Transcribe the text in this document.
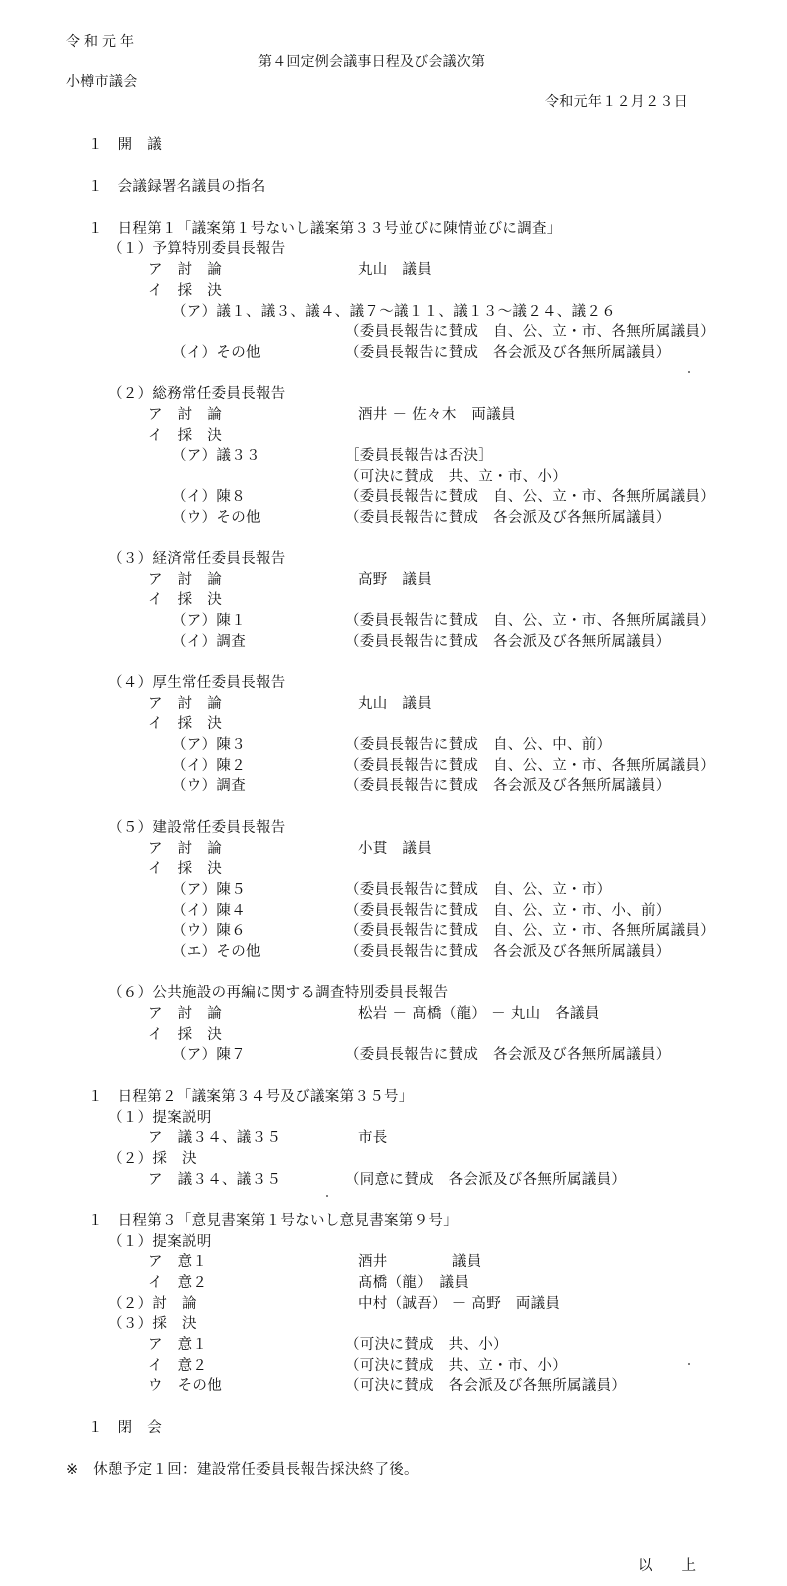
令和元年
第４回定例会議事日程及び会議次第
小樽市議会
令和元年１２月２３日
１　開　議
１　会議録署名議員の指名
１　日程第１「議案第１号ないし議案第３３号並びに陳情並びに調査」
（１）予算特別委員長報告
ア　討　論	丸山　議員
イ　採　決
（ア）議１、議３、議４、議７～議１１、議１３～議２４、議２６
（委員長報告に賛成　自、公、立・市、各無所属議員）
（イ）その他	（委員長報告に賛成　各会派及び各無所属議員）
（２）総務常任委員長報告
ア　討　論	酒井 － 佐々木　両議員
イ　採　決
（ア）議３３	［委員長報告は否決］
（可決に賛成　共、立・市、小）
（イ）陳８	（委員長報告に賛成　自、公、立・市、各無所属議員）
（ウ）その他	（委員長報告に賛成　各会派及び各無所属議員）
（３）経済常任委員長報告
ア　討　論	高野　議員
イ　採　決
（ア）陳１	（委員長報告に賛成　自、公、立・市、各無所属議員）
（イ）調査	（委員長報告に賛成　各会派及び各無所属議員）
（４）厚生常任委員長報告
ア　討　論	丸山　議員
イ　採　決
（ア）陳３	（委員長報告に賛成　自、公、中、前）
（イ）陳２	（委員長報告に賛成　自、公、立・市、各無所属議員）
（ウ）調査	（委員長報告に賛成　各会派及び各無所属議員）
（５）建設常任委員長報告
ア　討　論	小貫　議員
イ　採　決
（ア）陳５	（委員長報告に賛成　自、公、立・市）
（イ）陳４	（委員長報告に賛成　自、公、立・市、小、前）
（ウ）陳６	（委員長報告に賛成　自、公、立・市、各無所属議員）
（エ）その他	（委員長報告に賛成　各会派及び各無所属議員）
（６）公共施設の再編に関する調査特別委員長報告
ア　討　論	松岩 － 髙橋（龍） － 丸山　各議員
イ　採　決
（ア）陳７	（委員長報告に賛成　各会派及び各無所属議員）
１　日程第２「議案第３４号及び議案第３５号」
（１）提案説明
ア　議３４、議３５	市長
（２）採　決
ア　議３４、議３５	（同意に賛成　各会派及び各無所属議員）
１　日程第３「意見書案第１号ないし意見書案第９号」
（１）提案説明
ア　意１	酒井	議員
イ　意２	髙橋（龍）　議員
（２）討　論	中村（誠吾） － 高野　両議員
（３）採　決
ア　意１	（可決に賛成　共、小）
イ　意２	（可決に賛成　共、立・市、小）
ウ　その他	（可決に賛成　各会派及び各無所属議員）
１　閉　会
※　休憩予定１回：建設常任委員長報告採決終了後。
以　　上
